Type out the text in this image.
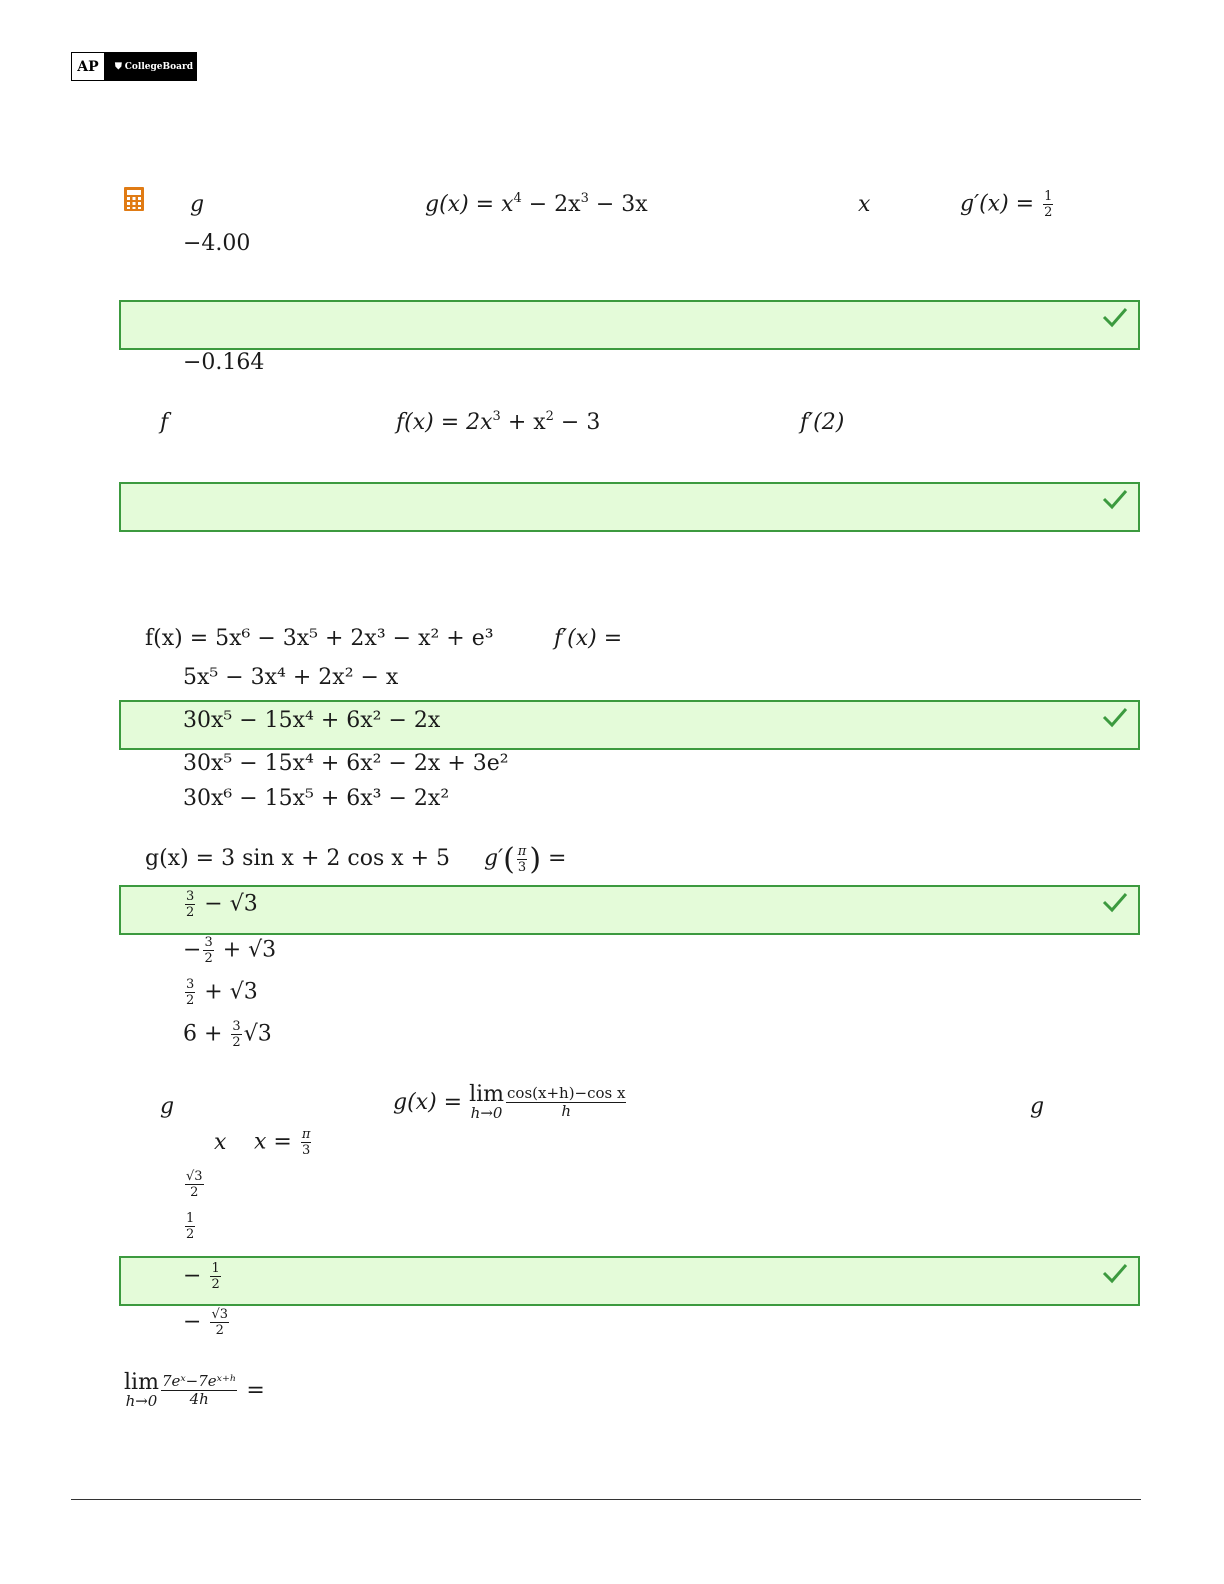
AP	⛊ CollegeBoard
g	$g(x) = x^4 - 2x^3 - 3x$	x	$g'(x) = \frac{1}{2}$
−4.00
−0.164
f	$f(x) = 2x^3 + x^2 - 3$	f′(2)
f(x) = 5x⁶ − 3x⁵ + 2x³ − x² + e³	f′(x) =
5x⁵ − 3x⁴ + 2x² − x
30x⁵ − 15x⁴ + 6x² − 2x
30x⁵ − 15x⁴ + 6x² − 2x + 3e²
30x⁶ − 15x⁵ + 6x³ − 2x²
g(x) = 3 sin x + 2 cos x + 5 $g'( \frac{\pi}{3}$ ) =
$\frac{3}{2} - √3$
− $\frac{3}{2} + √3$
$\frac{3}{2} + √3$
$6 + \frac{3}{2} √3$
g	g(x) = lim
$h\to 0 \frac{\text{cos(x+h)−cos x}}{h}$	g
x $x = \frac{\pi}{3}$
$\frac{√3}{2}$
$\frac{1}{2}$
− $\frac{1}{2}$
− $\frac{√3}{2}$
lim
$h\to 0 \frac{\text{7eˣ−7eˣ⁺ʰ}}{4h}$ =
